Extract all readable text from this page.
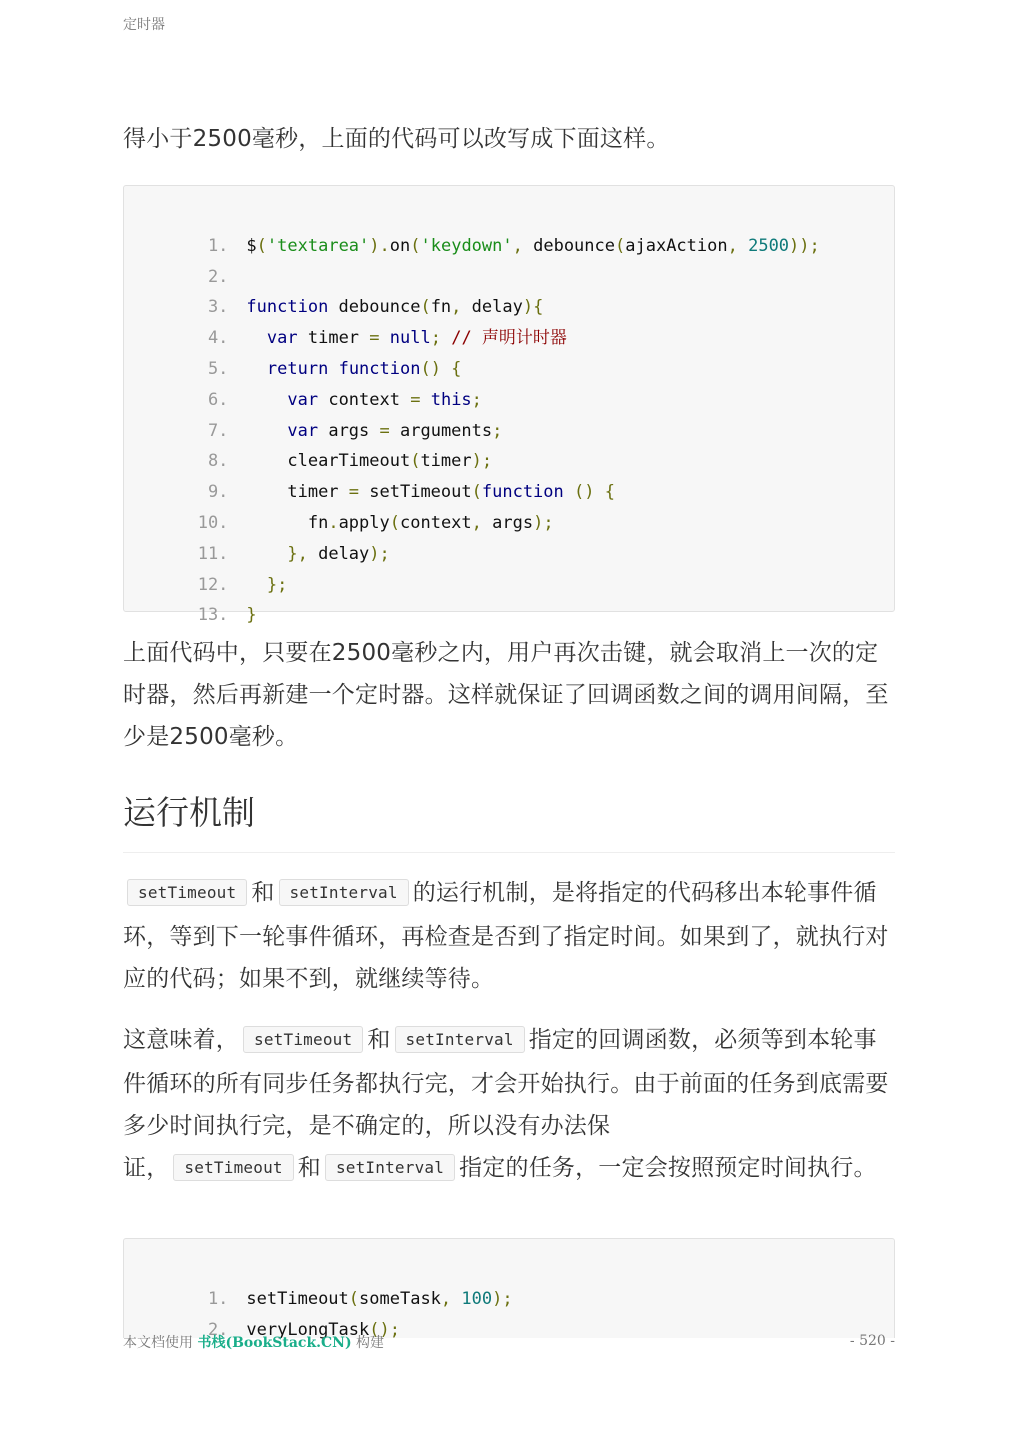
定时器

得小于2500毫秒，上面的代码可以改写成下面这样。

1. $('textarea').on('keydown', debounce(ajaxAction, 2500));

2.

3. function debounce(fn, delay){

4. var timer = null; // 声明计时器

5. return function() {

6.	var context = this;

7.	var args = arguments;

8.    clearTimeout(timer);

9.    timer = setTimeout(function () {

10.      fn.apply(context, args);

11.	}, delay);

12. };

13. }

上面代码中，只要在2500毫秒之内，用户再次击键，就会取消上一次的定时器，然后再新建一个定时器。这样就保证了回调函数之间的调用间隔，至少是2500毫秒。

运行机制

setTimeout 和 setInterval 的运行机制，是将指定的代码移出本轮事件循环，等到下一轮事件循环，再检查是否到了指定时间。如果到了，就执行对应的代码；如果不到，就继续等待。

这意味着， setTimeout 和 setInterval 指定的回调函数，必须等到本轮事件循环的所有同步任务都执行完，才会开始执行。由于前面的任务到底需要多少时间执行完，是不确定的，所以没有办法保
证， setTimeout 和 setInterval 指定的任务，一定会按照预定时间执行。

1. setTimeout(someTask, 100);

2. veryLongTask();

本文档使用 书栈(BookStack.CN) 构建	- 520 -
